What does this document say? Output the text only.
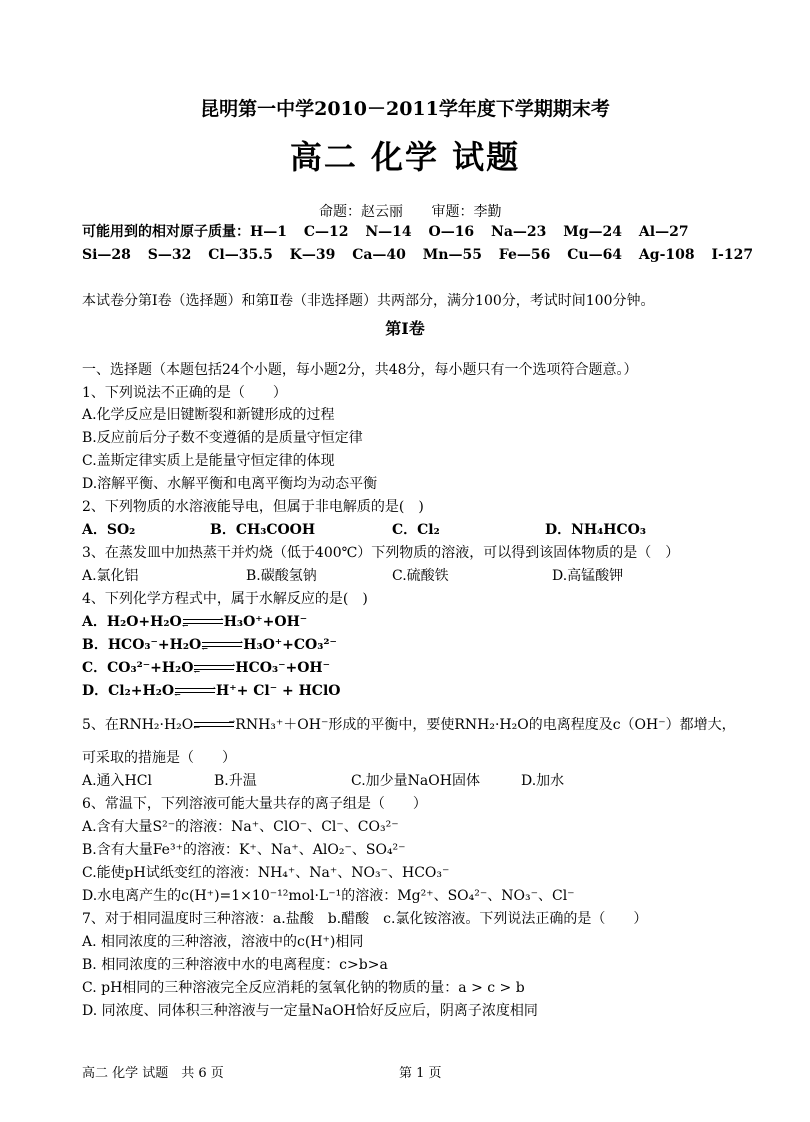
昆明第一中学2010－2011学年度下学期期末考
高二 化学 试题
命题：赵云丽 审题：李勤
可能用到的相对原子质量：H—1 C—12 N—14 O—16 Na—23 Mg—24 Al—27
Si—28 S—32 Cl—35.5 K—39 Ca—40 Mn—55 Fe—56 Cu—64 Ag-108 I-127
本试卷分第Ⅰ卷（选择题）和第Ⅱ卷（非选择题）共两部分，满分100分，考试时间100分钟。
第Ⅰ卷
一、选择题（本题包括24个小题，每小题2分，共48分，每小题只有一个选项符合题意。）
1、下列说法不正确的是（　　）
A.化学反应是旧键断裂和新键形成的过程
B.反应前后分子数不变遵循的是质量守恒定律
C.盖斯定律实质上是能量守恒定律的体现
D.溶解平衡、水解平衡和电离平衡均为动态平衡
2、下列物质的水溶液能导电，但属于非电解质的是(　)
A．SO₂	B．CH₃COOH	C．Cl₂	D．NH₄HCO₃
3、在蒸发皿中加热蒸干并灼烧（低于400℃）下列物质的溶液，可以得到该固体物质的是（　）
A.氯化铝	B.碳酸氢钠	C.硫酸铁	D.高锰酸钾
4、下列化学方程式中，属于水解反应的是(　)
A．H₂O+H₂O	⇀
↽	H₃O⁺+OH⁻
B．HCO₃⁻+H₂O	⇀
↽	H₃O⁺+CO₃²⁻
C．CO₃²⁻+H₂O	⇀
↽	HCO₃⁻+OH⁻
D．Cl₂+H₂O	⇀
↽	H⁺+ Cl⁻ + HClO
5、在RNH₂·H₂O	⇀
↽	RNH₃⁺＋OH⁻形成的平衡中，要使RNH₂·H₂O的电离程度及c（OH⁻）都增大，
可采取的措施是（　　）
A.通入HCl	B.升温	C.加少量NaOH固体	D.加水
6、常温下，下列溶液可能大量共存的离子组是（　　）
A.含有大量S²⁻的溶液：Na⁺、ClO⁻、Cl⁻、CO₃²⁻
B.含有大量Fe³⁺的溶液：K⁺、Na⁺、AlO₂⁻、SO₄²⁻
C.能使pH试纸变红的溶液：NH₄⁺、Na⁺、NO₃⁻、HCO₃⁻
D.水电离产生的c(H⁺)=1×10⁻¹²mol·L⁻¹的溶液：Mg²⁺、SO₄²⁻、NO₃⁻、Cl⁻
7、对于相同温度时三种溶液：a.盐酸　b.醋酸　c.氯化铵溶液。下列说法正确的是（　　）
A. 相同浓度的三种溶液，溶液中的c(H⁺)相同
B. 相同浓度的三种溶液中水的电离程度：c>b>a
C. pH相同的三种溶液完全反应消耗的氢氧化钠的物质的量：a > c > b
D. 同浓度、同体积三种溶液与一定量NaOH恰好反应后，阴离子浓度相同
高二 化学 试题　共 6 页	第 1 页
